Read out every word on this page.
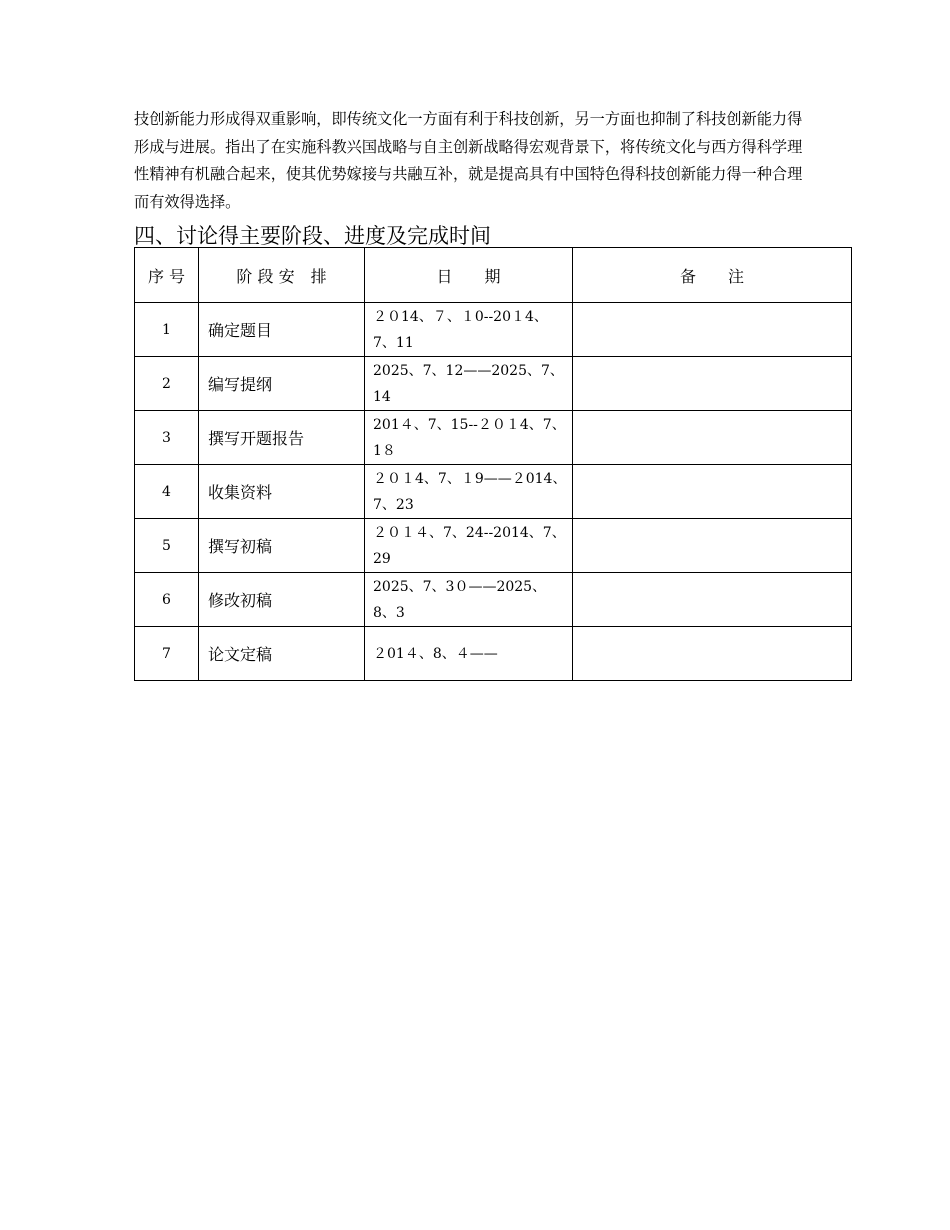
技创新能力形成得双重影响，即传统文化一方面有利于科技创新，另一方面也抑制了科技创新能力得
形成与进展。指出了在实施科教兴国战略与自主创新战略得宏观背景下，将传统文化与西方得科学理
性精神有机融合起来，使其优势嫁接与共融互补，就是提高具有中国特色得科技创新能力得一种合理
而有效得选择。
四、讨论得主要阶段、进度及完成时间
序 号	阶 段 安　排	日　　期	备　　注
1	确定题目	２０14、７、１0--20１4、7、11	
2	编写提纲	2025、7、12——2025、7、14	
3	撰写开题报告	201４、7、15--２０１4、7、1８	
4	收集资料	２０１4、7、１9——２014、7、23	
5	撰写初稿	２０１４、7、24--2014、7、29	
6	修改初稿	2025、7、3０——2025、8、3	
7	论文定稿	２01４、8、４——	
